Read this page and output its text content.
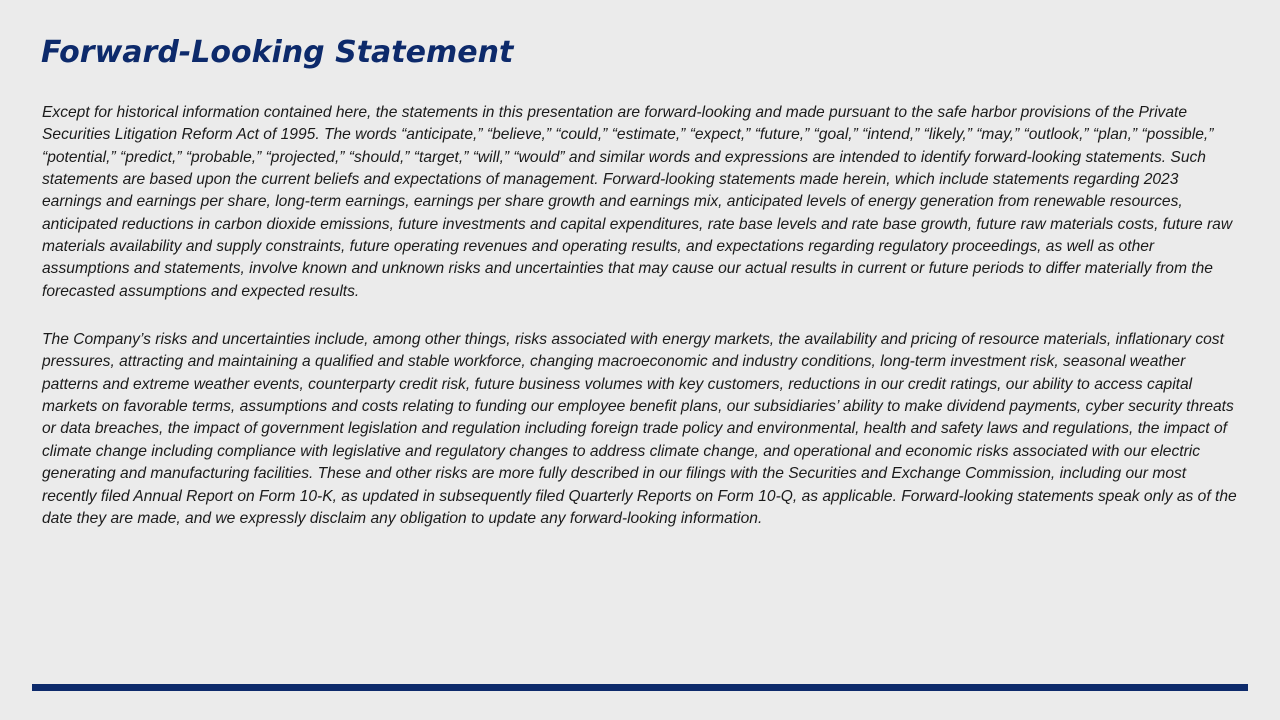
Forward-Looking Statement

Except for historical information contained here, the statements in this presentation are forward-looking and made pursuant to the safe harbor provisions of the Private Securities Litigation Reform Act of 1995. The words “anticipate,” “believe,” “could,” “estimate,” “expect,” “future,” “goal,” “intend,” “likely,” “may,” “outlook,” “plan,” “possible,” “potential,” “predict,” “probable,” “projected,” “should,” “target,” “will,” “would” and similar words and expressions are intended to identify forward-looking statements. Such statements are based upon the current beliefs and expectations of management. Forward-looking statements made herein, which include statements regarding 2023 earnings and earnings per share, long-term earnings, earnings per share growth and earnings mix, anticipated levels of energy generation from renewable resources, anticipated reductions in carbon dioxide emissions, future investments and capital expenditures, rate base levels and rate base growth, future raw materials costs, future raw materials availability and supply constraints, future operating revenues and operating results, and expectations regarding regulatory proceedings, as well as other assumptions and statements, involve known and unknown risks and uncertainties that may cause our actual results in current or future periods to differ materially from the forecasted assumptions and expected results.

The Company’s risks and uncertainties include, among other things, risks associated with energy markets, the availability and pricing of resource materials, inflationary cost pressures, attracting and maintaining a qualified and stable workforce, changing macroeconomic and industry conditions, long-term investment risk, seasonal weather patterns and extreme weather events, counterparty credit risk, future business volumes with key customers, reductions in our credit ratings, our ability to access capital markets on favorable terms, assumptions and costs relating to funding our employee benefit plans, our subsidiaries’ ability to make dividend payments, cyber security threats or data breaches, the impact of government legislation and regulation including foreign trade policy and environmental, health and safety laws and regulations, the impact of climate change including compliance with legislative and regulatory changes to address climate change, and operational and economic risks associated with our electric generating and manufacturing facilities. These and other risks are more fully described in our filings with the Securities and Exchange Commission, including our most recently filed Annual Report on Form 10-K, as updated in subsequently filed Quarterly Reports on Form 10-Q, as applicable. Forward-looking statements speak only as of the date they are made, and we expressly disclaim any obligation to update any forward-looking information.
